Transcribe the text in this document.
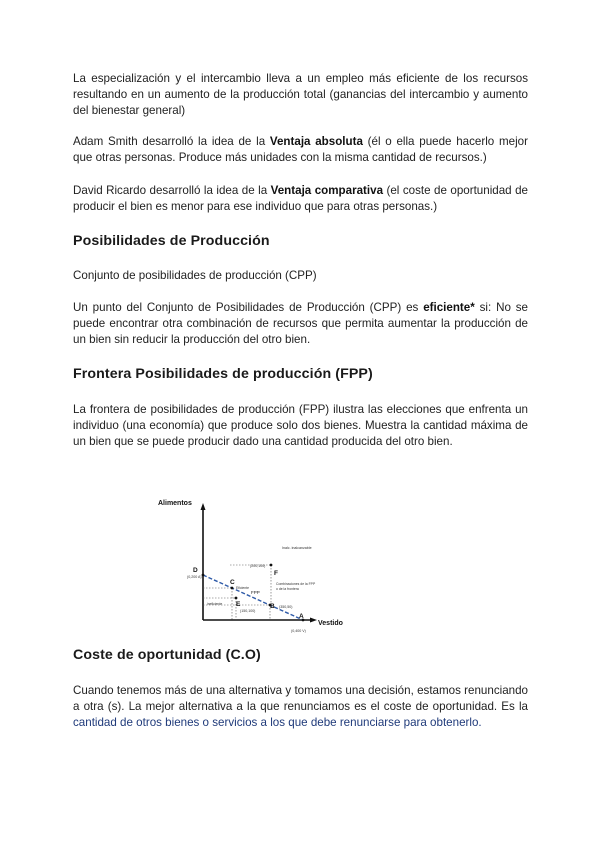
La especialización y el intercambio lleva a un empleo más eficiente de los recursos resultando en un aumento de la producción total (ganancias del intercambio y aumento del bienestar general)

Adam Smith desarrolló la idea de la Ventaja absoluta (él o ella puede hacerlo mejor que otras personas. Produce más unidades con la misma cantidad de recursos.)

David Ricardo desarrolló la idea de la Ventaja comparativa (el coste de oportunidad de producir el bien es menor para ese individuo que para otras personas.)

Posibilidades de Producción

Conjunto de posibilidades de producción (CPP)

Un punto del Conjunto de Posibilidades de Producción (CPP) es eficiente* si: No se puede encontrar otra combinación de recursos que permita aumentar la producción de un bien sin reducir la producción del otro bien.

Frontera Posibilidades de producción (FPP)

La frontera de posibilidades de producción (FPP) ilustra las elecciones que enfrenta un individuo (una economía) que produce solo dos bienes. Muestra la cantidad máxima de un bien que se puede producir dado una cantidad producida del otro bien.

Alimentos
Vestido
FPP
D
C
B
A
E
F
(0,200 A)
Inalc. inalcanzable
(200,100)
(0,400 V)
(350,50)
(150,100)
Eficiente
ineficiente
Combinaciones de la FPP
o de la frontera
Coste de oportunidad (C.O)

Cuando tenemos más de una alternativa y tomamos una decisión, estamos renunciando a otra (s). La mejor alternativa a la que renunciamos es el coste de oportunidad. Es la cantidad de otros bienes o servicios a los que debe renunciarse para obtenerlo.
